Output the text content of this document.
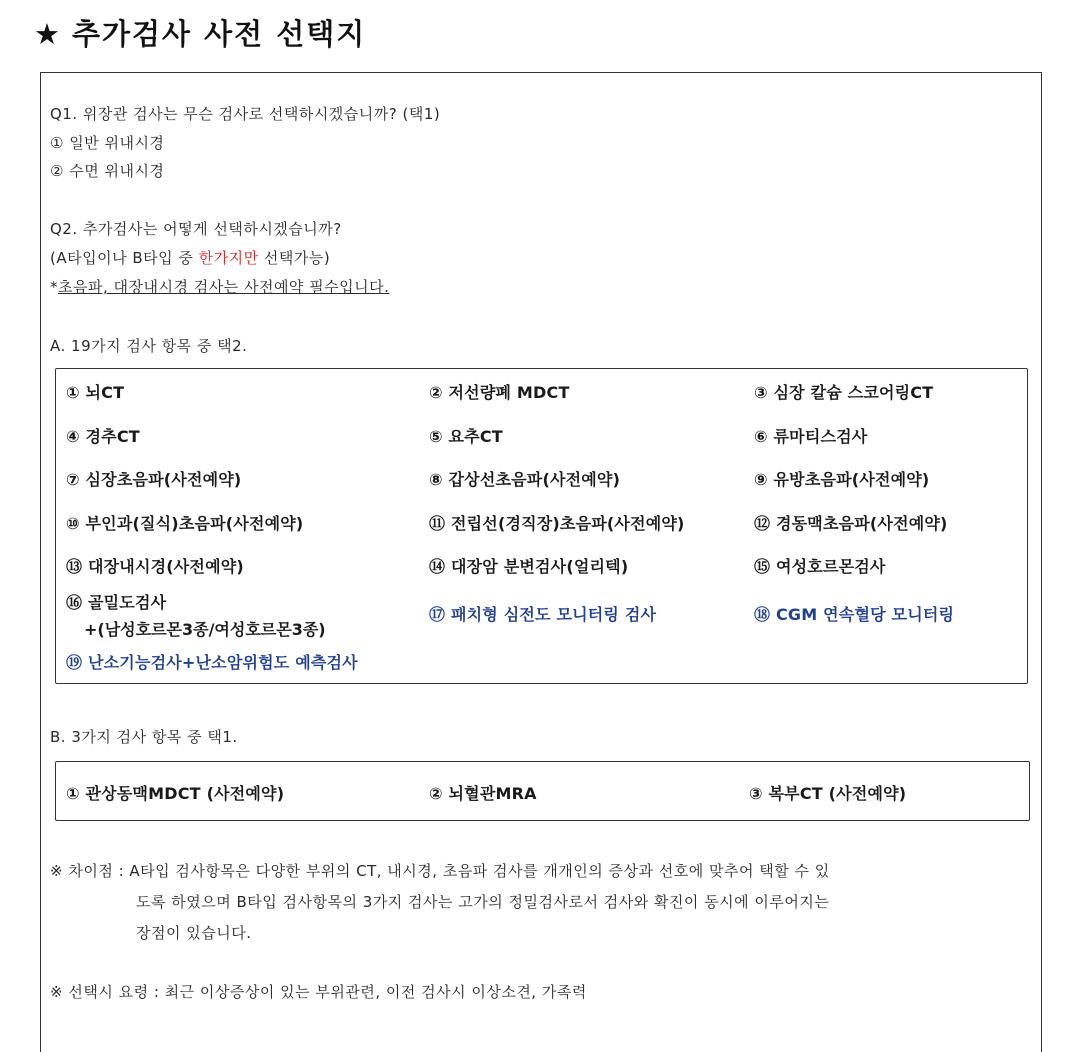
★ 추가검사 사전 선택지
Q1. 위장관 검사는 무슨 검사로 선택하시겠습니까? (택1)
① 일반 위내시경
② 수면 위내시경
Q2. 추가검사는 어떻게 선택하시겠습니까?
(A타입이나 B타입 중 한가지만 선택가능)
*초음파, 대장내시경 검사는 사전예약 필수입니다.
A. 19가지 검사 항목 중 택2.
① 뇌CT	② 저선량폐 MDCT	③ 심장 칼슘 스코어링CT
④ 경추CT	⑤ 요추CT	⑥ 류마티스검사
⑦ 심장초음파(사전예약)	⑧ 갑상선초음파(사전예약)	⑨ 유방초음파(사전예약)
⑩ 부인과(질식)초음파(사전예약)	⑪ 전립선(경직장)초음파(사전예약)	⑫ 경동맥초음파(사전예약)
⑬ 대장내시경(사전예약)	⑭ 대장암 분변검사(얼리텍)	⑮ 여성호르몬검사
⑯ 골밀도검사
+(남성호르몬3종/여성호르몬3종)
⑰ 패치형 심전도 모니터링 검사	⑱ CGM 연속혈당 모니터링
⑲ 난소기능검사+난소암위험도 예측검사
B. 3가지 검사 항목 중 택1.
① 관상동맥MDCT (사전예약)	② 뇌혈관MRA	③ 복부CT (사전예약)
※ 차이점 : A타입 검사항목은 다양한 부위의 CT, 내시경, 초음파 검사를 개개인의 증상과 선호에 맞추어 택할 수 있
도록 하였으며 B타입 검사항목의 3가지 검사는 고가의 정밀검사로서 검사와 확진이 동시에 이루어지는
장점이 있습니다.
※ 선택시 요령 : 최근 이상증상이 있는 부위관련, 이전 검사시 이상소견, 가족력
